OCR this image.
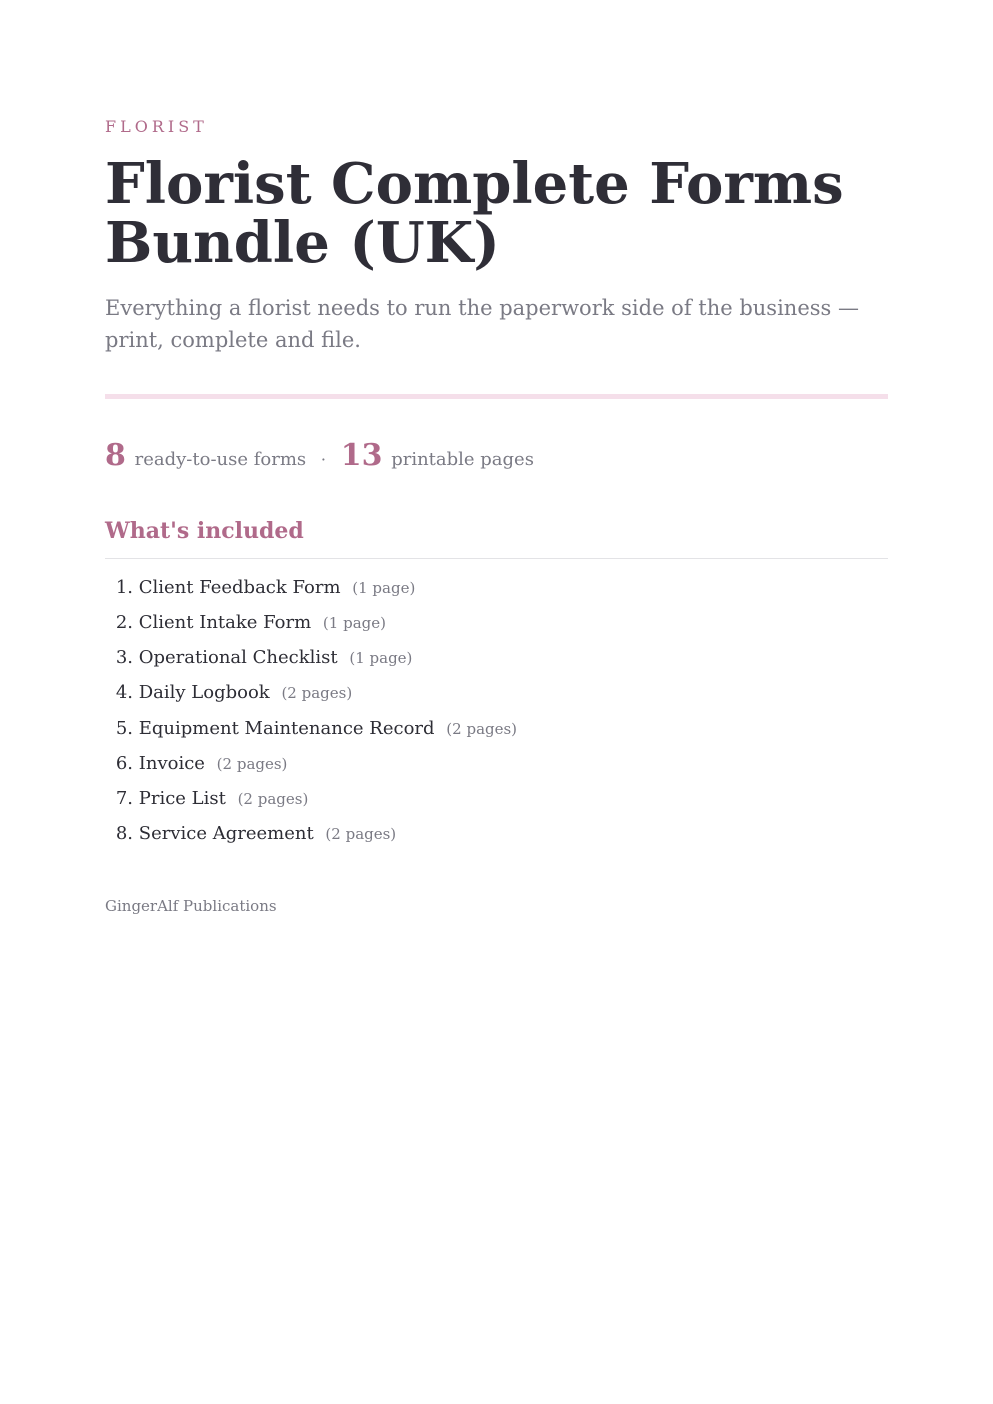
FLORIST
Florist Complete Forms Bundle (UK)

Everything a florist needs to run the paperwork side of the business — print, complete and file.

8 ready-to-use forms · 13 printable pages
What's included
1. Client Feedback Form (1 page)
2. Client Intake Form (1 page)
3. Operational Checklist (1 page)
4. Daily Logbook (2 pages)
5. Equipment Maintenance Record (2 pages)
6. Invoice (2 pages)
7. Price List (2 pages)
8. Service Agreement (2 pages)
GingerAlf Publications
